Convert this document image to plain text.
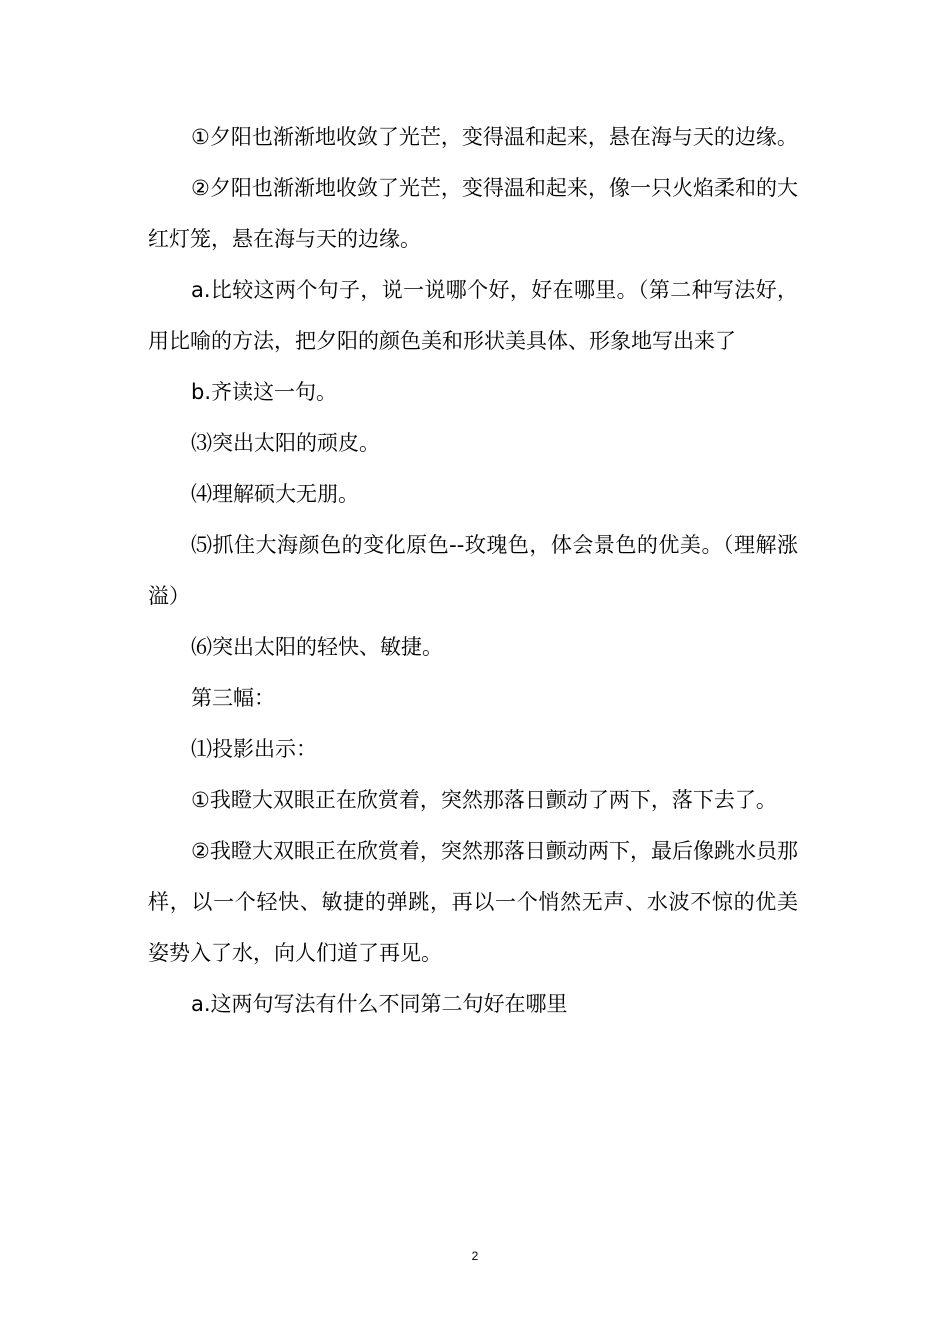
①夕阳也渐渐地收敛了光芒，变得温和起来，悬在海与天的边缘。

②夕阳也渐渐地收敛了光芒，变得温和起来，像一只火焰柔和的大红灯笼，悬在海与天的边缘。

a.比较这两个句子，说一说哪个好，好在哪里。（第二种写法好，用比喻的方法，把夕阳的颜色美和形状美具体、形象地写出来了

b.齐读这一句。

⑶突出太阳的顽皮。

⑷理解硕大无朋。

⑸抓住大海颜色的变化原色--玫瑰色，体会景色的优美。（理解涨溢）

⑹突出太阳的轻快、敏捷。

第三幅：

⑴投影出示：

①我瞪大双眼正在欣赏着，突然那落日颤动了两下，落下去了。

②我瞪大双眼正在欣赏着，突然那落日颤动两下，最后像跳水员那样，以一个轻快、敏捷的弹跳，再以一个悄然无声、水波不惊的优美姿势入了水，向人们道了再见。

a.这两句写法有什么不同第二句好在哪里

2
